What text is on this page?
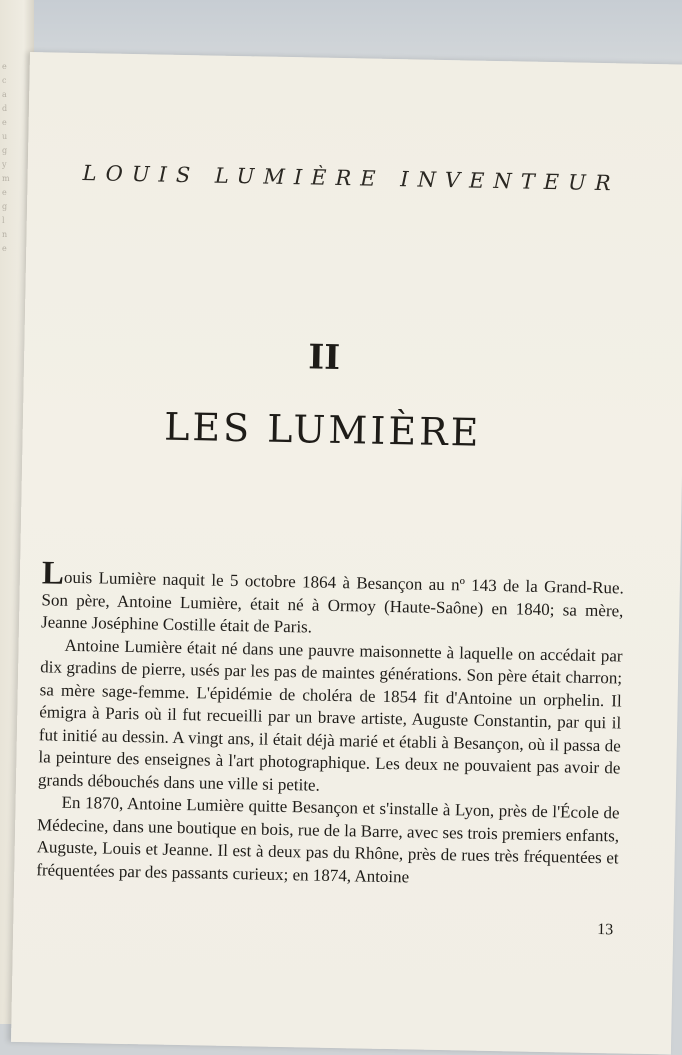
e
c
a
d
e
u
g
y
m
e
g
l
n
e
LOUIS LUMIÈRE INVENTEUR
II
LES LUMIÈRE

Louis Lumière naquit le 5 octobre 1864 à Besançon au nº 143 de la Grand-Rue. Son père, Antoine Lumière, était né à Ormoy (Haute-Saône) en 1840; sa mère, Jeanne Joséphine Costille était de Paris.

Antoine Lumière était né dans une pauvre maisonnette à laquelle on accédait par dix gradins de pierre, usés par les pas de maintes générations. Son père était charron; sa mère sage-femme. L'épidémie de choléra de 1854 fit d'Antoine un orphelin. Il émigra à Paris où il fut recueilli par un brave artiste, Auguste Constantin, par qui il fut initié au dessin. A vingt ans, il était déjà marié et établi à Besançon, où il passa de la peinture des enseignes à l'art photographique. Les deux ne pouvaient pas avoir de grands débouchés dans une ville si petite.

En 1870, Antoine Lumière quitte Besançon et s'installe à Lyon, près de l'École de Médecine, dans une boutique en bois, rue de la Barre, avec ses trois premiers enfants, Auguste, Louis et Jeanne. Il est à deux pas du Rhône, près de rues très fréquentées et fréquentées par des passants curieux; en 1874, Antoine

13
